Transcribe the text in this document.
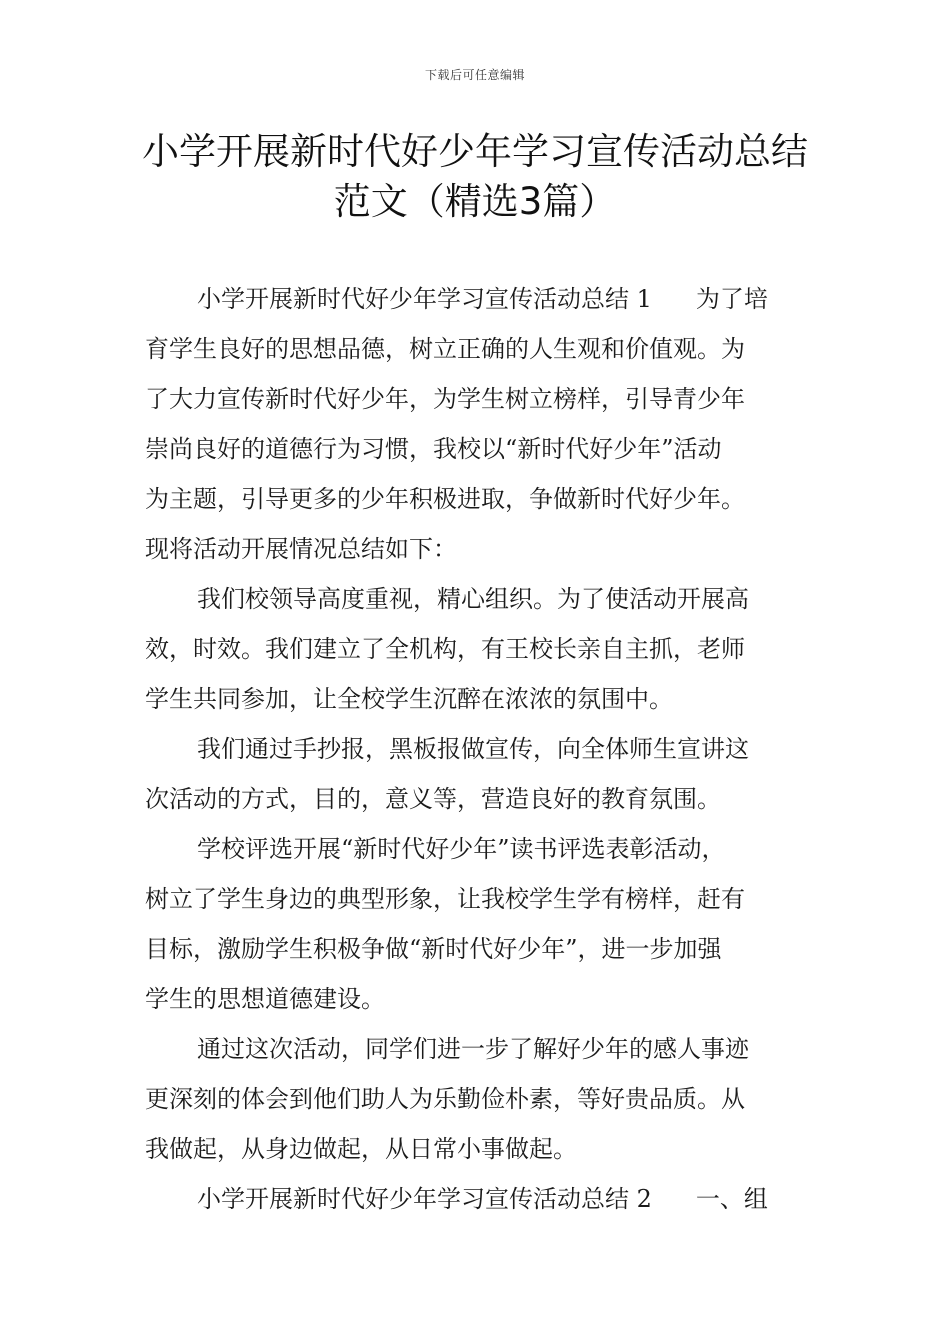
下载后可任意编辑
小学开展新时代好少年学习宣传活动总结
范文（精选3篇）
小学开展新时代好少年学习宣传活动总结 1 为了培
育学生良好的思想品德，树立正确的人生观和价值观。为
了大力宣传新时代好少年，为学生树立榜样，引导青少年
崇尚良好的道德行为习惯，我校以“新时代好少年”活动
为主题，引导更多的少年积极进取，争做新时代好少年。
现将活动开展情况总结如下：
我们校领导高度重视，精心组织。为了使活动开展高
效，时效。我们建立了全机构，有王校长亲自主抓，老师
学生共同参加，让全校学生沉醉在浓浓的氛围中。
我们通过手抄报，黑板报做宣传，向全体师生宣讲这
次活动的方式，目的，意义等，营造良好的教育氛围。
学校评选开展“新时代好少年”读书评选表彰活动，
树立了学生身边的典型形象，让我校学生学有榜样，赶有
目标，激励学生积极争做“新时代好少年”，进一步加强
学生的思想道德建设。
通过这次活动，同学们进一步了解好少年的感人事迹
更深刻的体会到他们助人为乐勤俭朴素，等好贵品质。从
我做起，从身边做起，从日常小事做起。
小学开展新时代好少年学习宣传活动总结 2 一、组
